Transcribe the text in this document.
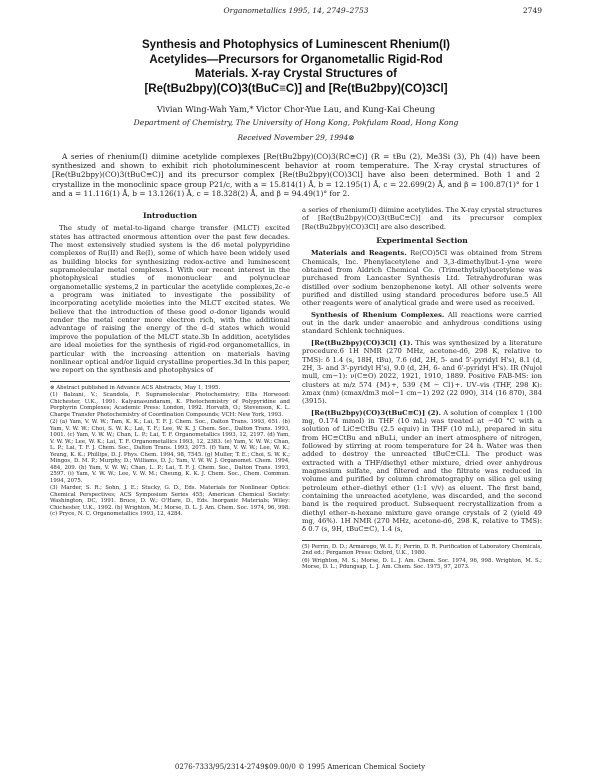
Organometallics 1995, 14, 2749–2753	2749
Synthesis and Photophysics of Luminescent Rhenium(I)
Acetylides—Precursors for Organometallic Rigid-Rod
Materials. X-ray Crystal Structures of
[Re(tBu2bpy)(CO)3(tBuC≡C)] and [Re(tBu2bpy)(CO)3Cl]
Vivian Wing-Wah Yam,* Victor Chor-Yue Lau, and Kung-Kai Cheung
Department of Chemistry, The University of Hong Kong, Pokfulam Road, Hong Kong
Received November 29, 1994⊗
A series of rhenium(I) diimine acetylide complexes [Re(tBu2bpy)(CO)3(RC≡C)] (R = tBu (2), Me3Si (3), Ph (4)) have been synthesized and shown to exhibit rich photoluminescent behavior at room temperature. The X-ray crystal structures of [Re(tBu2bpy)(CO)3(tBuC≡C)] and its precursor complex [Re(tBu2bpy)(CO)3Cl] have also been determined. Both 1 and 2 crystallize in the monoclinic space group P21/c, with a = 15.814(1) Å, b = 12.195(1) Å, c = 22.699(2) Å, and β = 100.87(1)° for 1 and a = 11.116(1) Å, b = 13.126(1) Å, c = 18.328(2) Å, and β = 94.49(1)° for 2.
Introduction

The study of metal-to-ligand charge transfer (MLCT) excited states has attracted enormous attention over the past few decades. The most extensively studied system is the d6 metal polypyridine complexes of Ru(II) and Re(I), some of which have been widely used as building blocks for synthesizing redox-active and luminescent supramolecular metal complexes.1 With our recent interest in the photophysical studies of mononuclear and polynuclear organometallic systems,2 in particular the acetylide complexes,2c–e a program was initiated to investigate the possibility of incorporating acetylide moieties into the MLCT excited states. We believe that the introduction of these good σ-donor ligands would render the metal center more electron rich, with the additional advantage of raising the energy of the d–d states which would improve the population of the MLCT state.3b In addition, acetylides are ideal moieties for the synthesis of rigid-rod organometallics, in particular with the increasing attention on materials having nonlinear optical and/or liquid crystalline properties.3d In this paper, we report on the synthesis and photophysics of

⊗ Abstract published in Advance ACS Abstracts, May 1, 1995.
(1) Balzani, V.; Scandola, F. Supramolecular Photochemistry; Ellis Horwood: Chichester, U.K., 1991. Kalyanasundaram, K. Photochemistry of Polypyridine and Porphyrin Complexes; Academic Press: London, 1992. Horvath, O.; Stevenson, K. L. Charge Transfer Photochemistry of Coordination Compounds; VCH: New York, 1993.
(2) (a) Yam, V. W. W.; Tam, K. K.; Lai, T. F. J. Chem. Soc., Dalton Trans. 1993, 651. (b) Yam, V. W. W.; Choi, S. W. K.; Lai, T. F.; Lee, W. K. J. Chem. Soc., Dalton Trans. 1993, 1001. (c) Yam, V. W. W.; Chan, L. P.; Lai, T. F. Organometallics 1993, 12, 2197. (d) Yam, V. W. W.; Lee, W. K.; Lai, T. F. Organometallics 1993, 12, 2383. (e) Yam, V. W. W.; Chan, L. P.; Lai, T. F. J. Chem. Soc., Dalton Trans. 1993, 2075. (f) Yam, V. W. W.; Lee, W. K.; Yeung, K. K.; Phillips, D. J. Phys. Chem. 1994, 98, 7545. (g) Muller, T. E.; Choi, S. W. K.; Mingos, D. M. P.; Murphy, D.; Williams, D. J.; Yam, V. W. W. J. Organomet. Chem. 1994, 484, 209. (h) Yam, V. W. W.; Chan, L. P.; Lai, T. F. J. Chem. Soc., Dalton Trans. 1993, 2597. (i) Yam, V. W. W.; Lee, V. W. M.; Cheung, K. K. J. Chem. Soc., Chem. Commun. 1994, 2075.
(3) Marder, S. R.; Sohn, J. E.; Stucky, G. D., Eds. Materials for Nonlinear Optics: Chemical Perspectives; ACS Symposium Series 455; American Chemical Society: Washington, DC, 1991. Bruce, D. W.; O'Hare, D., Eds. Inorganic Materials; Wiley: Chichester, U.K., 1992. (b) Wrighton, M.; Morse, D. L. J. Am. Chem. Soc. 1974, 96, 998. (c) Pryce, N. C. Organometallics 1993, 12, 4284.

a series of rhenium(I) diimine acetylides. The X-ray crystal structures of [Re(tBu2bpy)(CO)3(tBuC≡C)] and its precursor complex [Re(tBu2bpy)(CO)3Cl] are also described.

Experimental Section

Materials and Reagents. Re(CO)5Cl was obtained from Strem Chemicals, Inc. Phenylacetylene and 3,3-dimethylbut-1-yne were obtained from Aldrich Chemical Co. (Trimethylsilyl)acetylene was purchased from Lancaster Synthesis Ltd. Tetrahydrofuran was distilled over sodium benzophenone ketyl. All other solvents were purified and distilled using standard procedures before use.5 All other reagents were of analytical grade and were used as received.

Synthesis of Rhenium Complexes. All reactions were carried out in the dark under anaerobic and anhydrous conditions using standard Schlenk techniques.

[Re(tBu2bpy)(CO)3Cl] (1). This was synthesized by a literature procedure.6 1H NMR (270 MHz, acetone-d6, 298 K, relative to TMS): δ 1.4 (s, 18H, tBu), 7.6 (dd, 2H, 5- and 5'-pyridyl H's), 8.1 (d, 2H, 3- and 3'-pyridyl H's), 9.0 (d, 2H, 6- and 6'-pyridyl H's). IR (Nujol mull, cm−1): ν(C≡O) 2022, 1921, 1910, 1889. Positive FAB-MS: ion clusters at m/z 574 {M}+, 539 {M − Cl}+. UV–vis (THF, 298 K): λmax (nm) (εmax/dm3 mol−1 cm−1) 292 (22 090), 314 (16 870), 384 (3915).

[Re(tBu2bpy)(CO)3(tBuC≡C)] (2). A solution of complex 1 (100 mg, 0.174 mmol) in THF (10 mL) was treated at −40 °C with a solution of LiC≡CtBu (2.5 equiv) in THF (10 mL), prepared in situ from HC≡CtBu and nBuLi, under an inert atmosphere of nitrogen, followed by stirring at room temperature for 24 h. Water was then added to destroy the unreacted tBuC≡CLi. The product was extracted with a THF/diethyl ether mixture, dried over anhydrous magnesium sulfate, and filtered and the filtrate was reduced in volume and purified by column chromatography on silica gel using petroleum ether–diethyl ether (1:1 v/v) as eluent. The first band, containing the unreacted acetylene, was discarded, and the second band is the required product. Subsequent recrystallization from a diethyl ether–n-hexane mixture gave orange crystals of 2 (yield 49 mg, 46%). 1H NMR (270 MHz, acetone-d6, 298 K, relative to TMS): δ 0.7 (s, 9H, tBuC≡C), 1.4 (s,

(5) Perrin, D. D.; Armarego, W. L. F.; Perrin, D. R. Purification of Laboratory Chemicals, 2nd ed.; Pergamon Press: Oxford, U.K., 1980.
(6) Wrighton, M. S.; Morse, D. L. J. Am. Chem. Soc. 1974, 96, 998. Wrighton, M. S.; Morse, D. L.; Pdungsap, L. J. Am. Chem. Soc. 1975, 97, 2073.
0276-7333/95/2314-2749$09.00/0 © 1995 American Chemical Society
